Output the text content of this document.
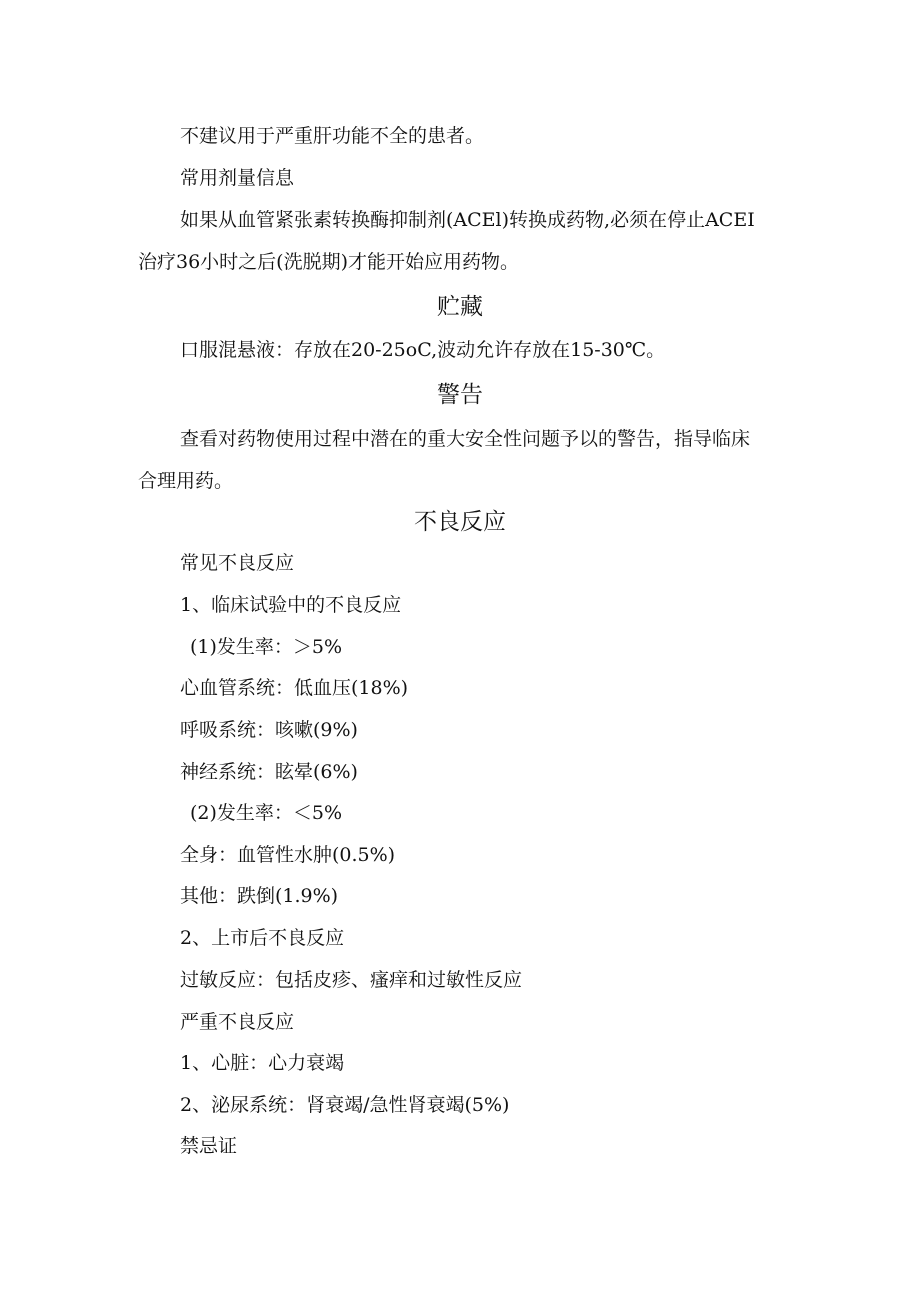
不建议用于严重肝功能不全的患者。
常用剂量信息
如果从血管紧张素转换酶抑制剂(ACEl)转换成药物,必须在停止ACEI
治疗36小时之后(洗脱期)才能开始应用药物。
贮藏
口服混悬液：存放在20-25oC,波动允许存放在15-30℃。
警告
查看对药物使用过程中潜在的重大安全性问题予以的警告，指导临床
合理用药。
不良反应
常见不良反应
1、临床试验中的不良反应
(1)发生率：＞5%
心血管系统：低血压(18%)
呼吸系统：咳嗽(9%)
神经系统：眩晕(6%)
(2)发生率：＜5%
全身：血管性水肿(0.5%)
其他：跌倒(1.9%)
2、上市后不良反应
过敏反应：包括皮疹、瘙痒和过敏性反应
严重不良反应
1、心脏：心力衰竭
2、泌尿系统：肾衰竭/急性肾衰竭(5%)
禁忌证
